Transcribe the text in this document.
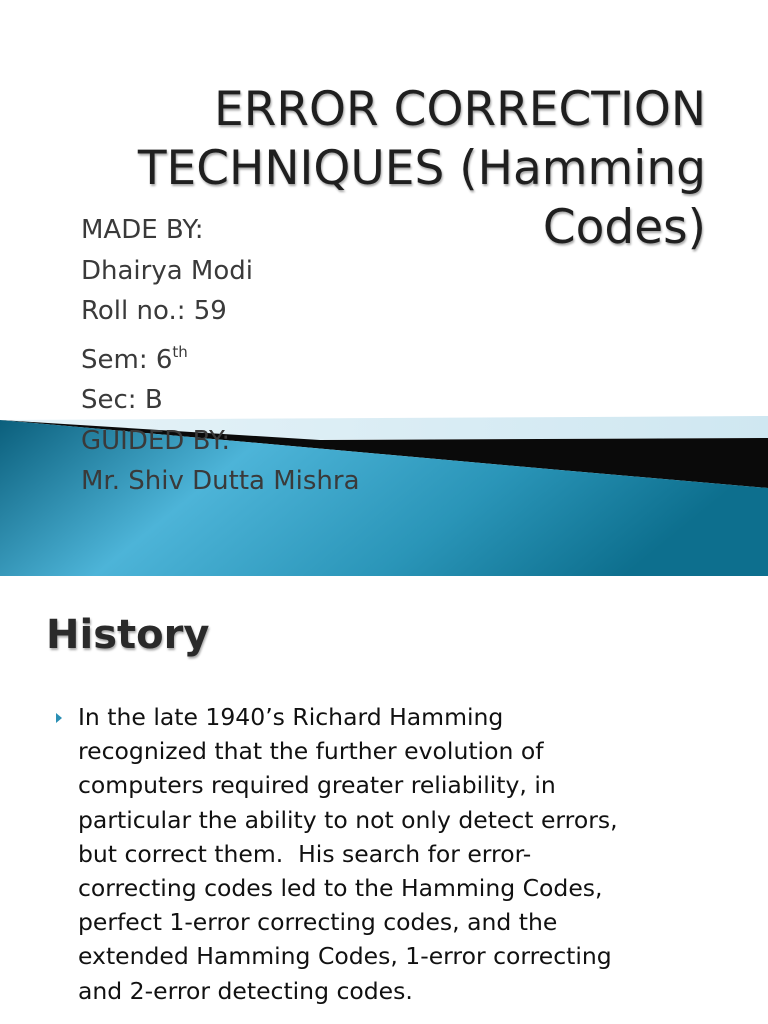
ERROR CORRECTION
TECHNIQUES (Hamming
Codes)
MADE BY:
Dhairya Modi
Roll no.: 59
Sem: 6th
Sec: B
GUIDED BY:
Mr. Shiv Dutta Mishra
History
In the late 1940’s Richard Hamming
recognized that the further evolution of
computers required greater reliability, in
particular the ability to not only detect errors,
but correct them.  His search for error-
correcting codes led to the Hamming Codes,
perfect 1-error correcting codes, and the
extended Hamming Codes, 1-error correcting
and 2-error detecting codes.
